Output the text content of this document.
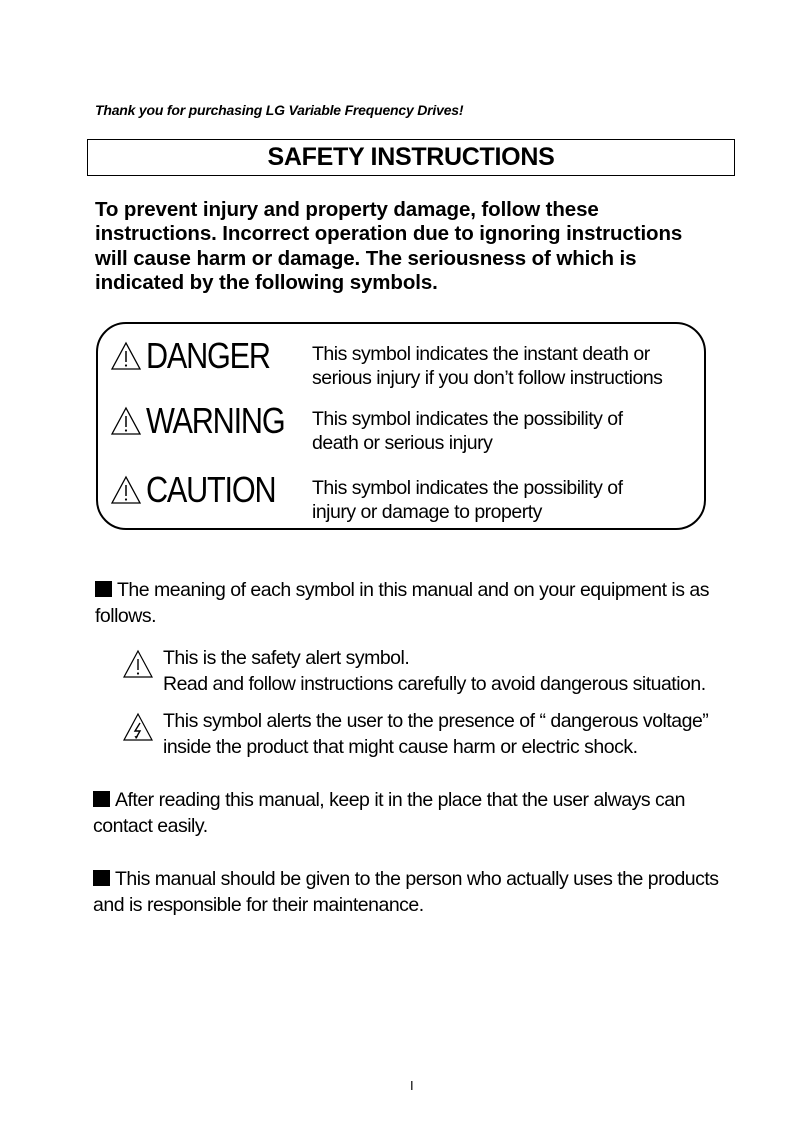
Thank you for purchasing LG Variable Frequency Drives!
SAFETY INSTRUCTIONS
To prevent injury and property damage, follow these
instructions. Incorrect operation due to ignoring instructions
will cause harm or damage. The seriousness of which is
indicated by the following symbols.
DANGER This symbol indicates the instant death or
serious injury if you don’t follow instructions
WARNING This symbol indicates the possibility of
death or serious injury
CAUTION This symbol indicates the possibility of
injury or damage to property
The meaning of each symbol in this manual and on your equipment is as
follows.
This is the safety alert symbol.
Read and follow instructions carefully to avoid dangerous situation.
This symbol alerts the user to the presence of “ dangerous voltage”
inside the product that might cause harm or electric shock.
After reading this manual, keep it in the place that the user always can
contact easily.
This manual should be given to the person who actually uses the products
and is responsible for their maintenance.
I
